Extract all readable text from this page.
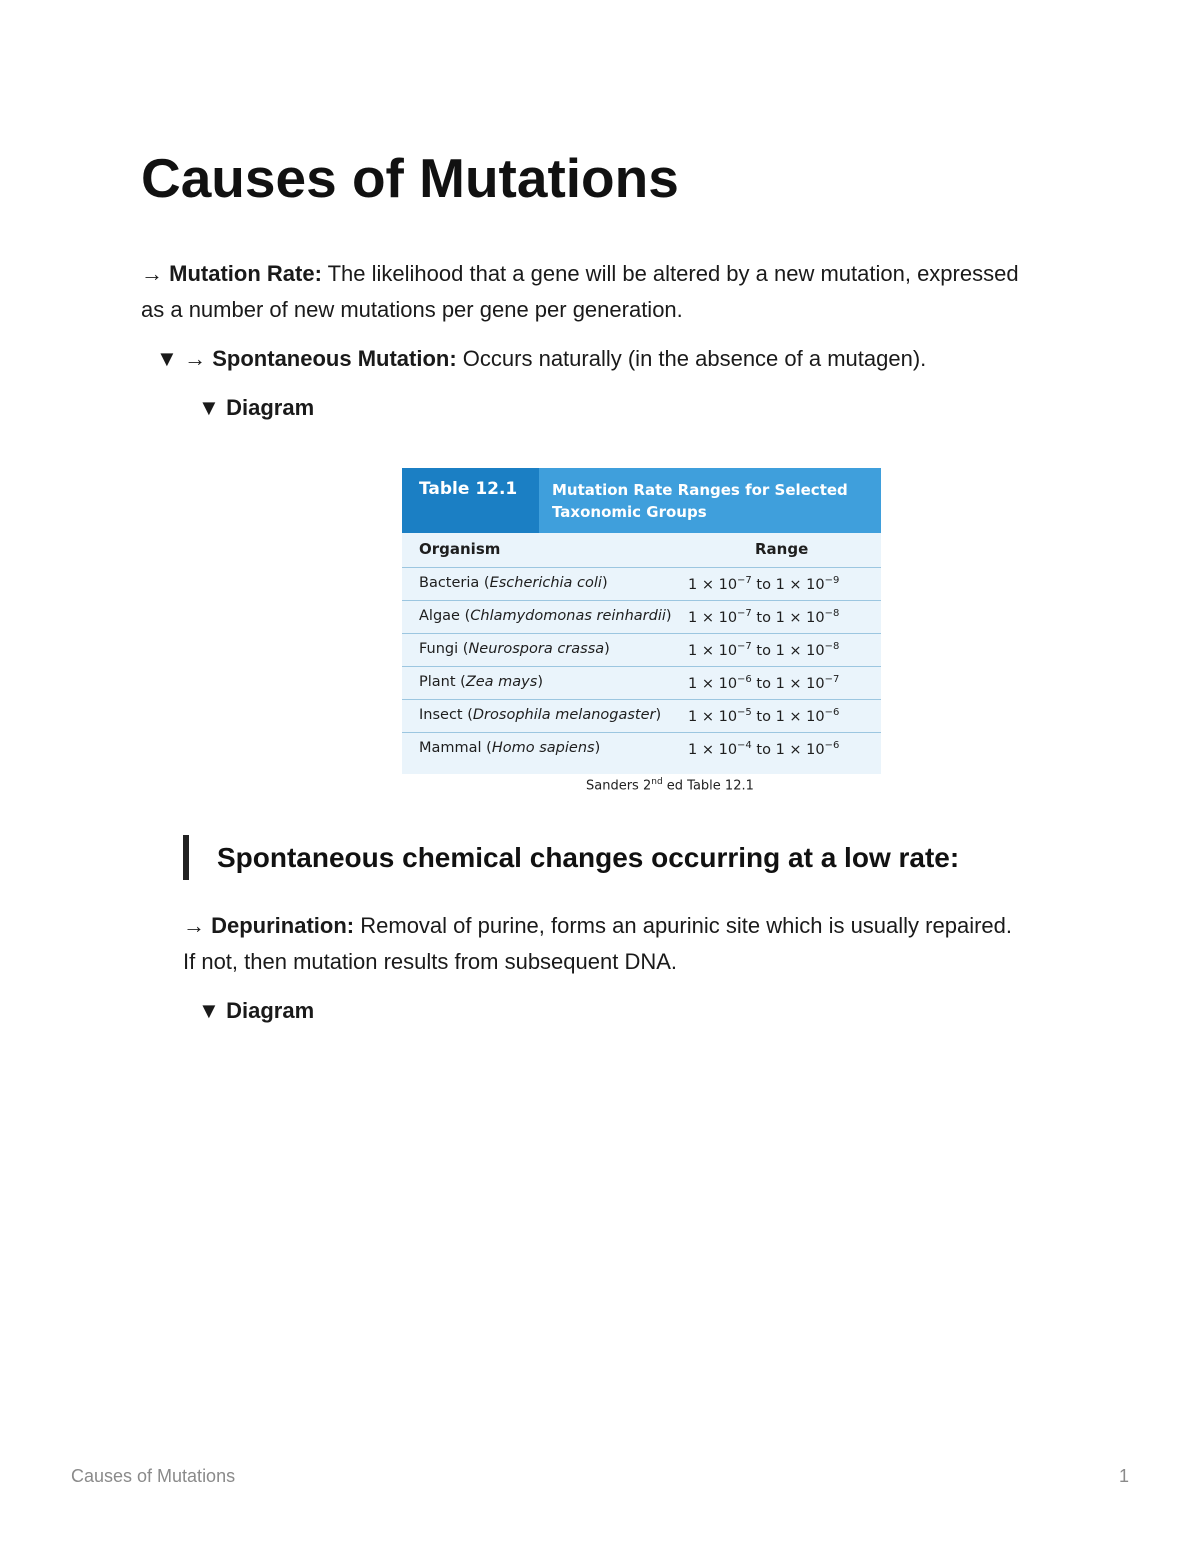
Causes of Mutations

→ Mutation Rate: The likelihood that a gene will be altered by a new mutation, expressed as a number of new mutations per gene per generation.

▼ → Spontaneous Mutation: Occurs naturally (in the absence of a mutagen).

▼ Diagram

Table 12.1 Mutation Rate Ranges for Selected Taxonomic Groups
Organism	Range
Bacteria (Escherichia coli)	$1 \times 10^{-7}$ to $1 \times 10^{-9}$
Algae (Chlamydomonas reinhardii) $1 \times 10^{-7}$ to $1 \times 10^{-8}$
Fungi (Neurospora crassa)	$1 \times 10^{-7}$ to $1 \times 10^{-8}$
Plant (Zea mays)	$1 \times 10^{-6}$ to $1 \times 10^{-7}$
Insect (Drosophila melanogaster) $1 \times 10^{-5}$ to $1 \times 10^{-6}$
Mammal (Homo sapiens)	$1 \times 10^{-4}$ to $1 \times 10^{-6}$
Sanders 2nd ed Table 12.1

Spontaneous chemical changes occurring at a low rate:

→ Depurination: Removal of purine, forms an apurinic site which is usually repaired. If not, then mutation results from subsequent DNA.

▼ Diagram

Causes of Mutations	1
